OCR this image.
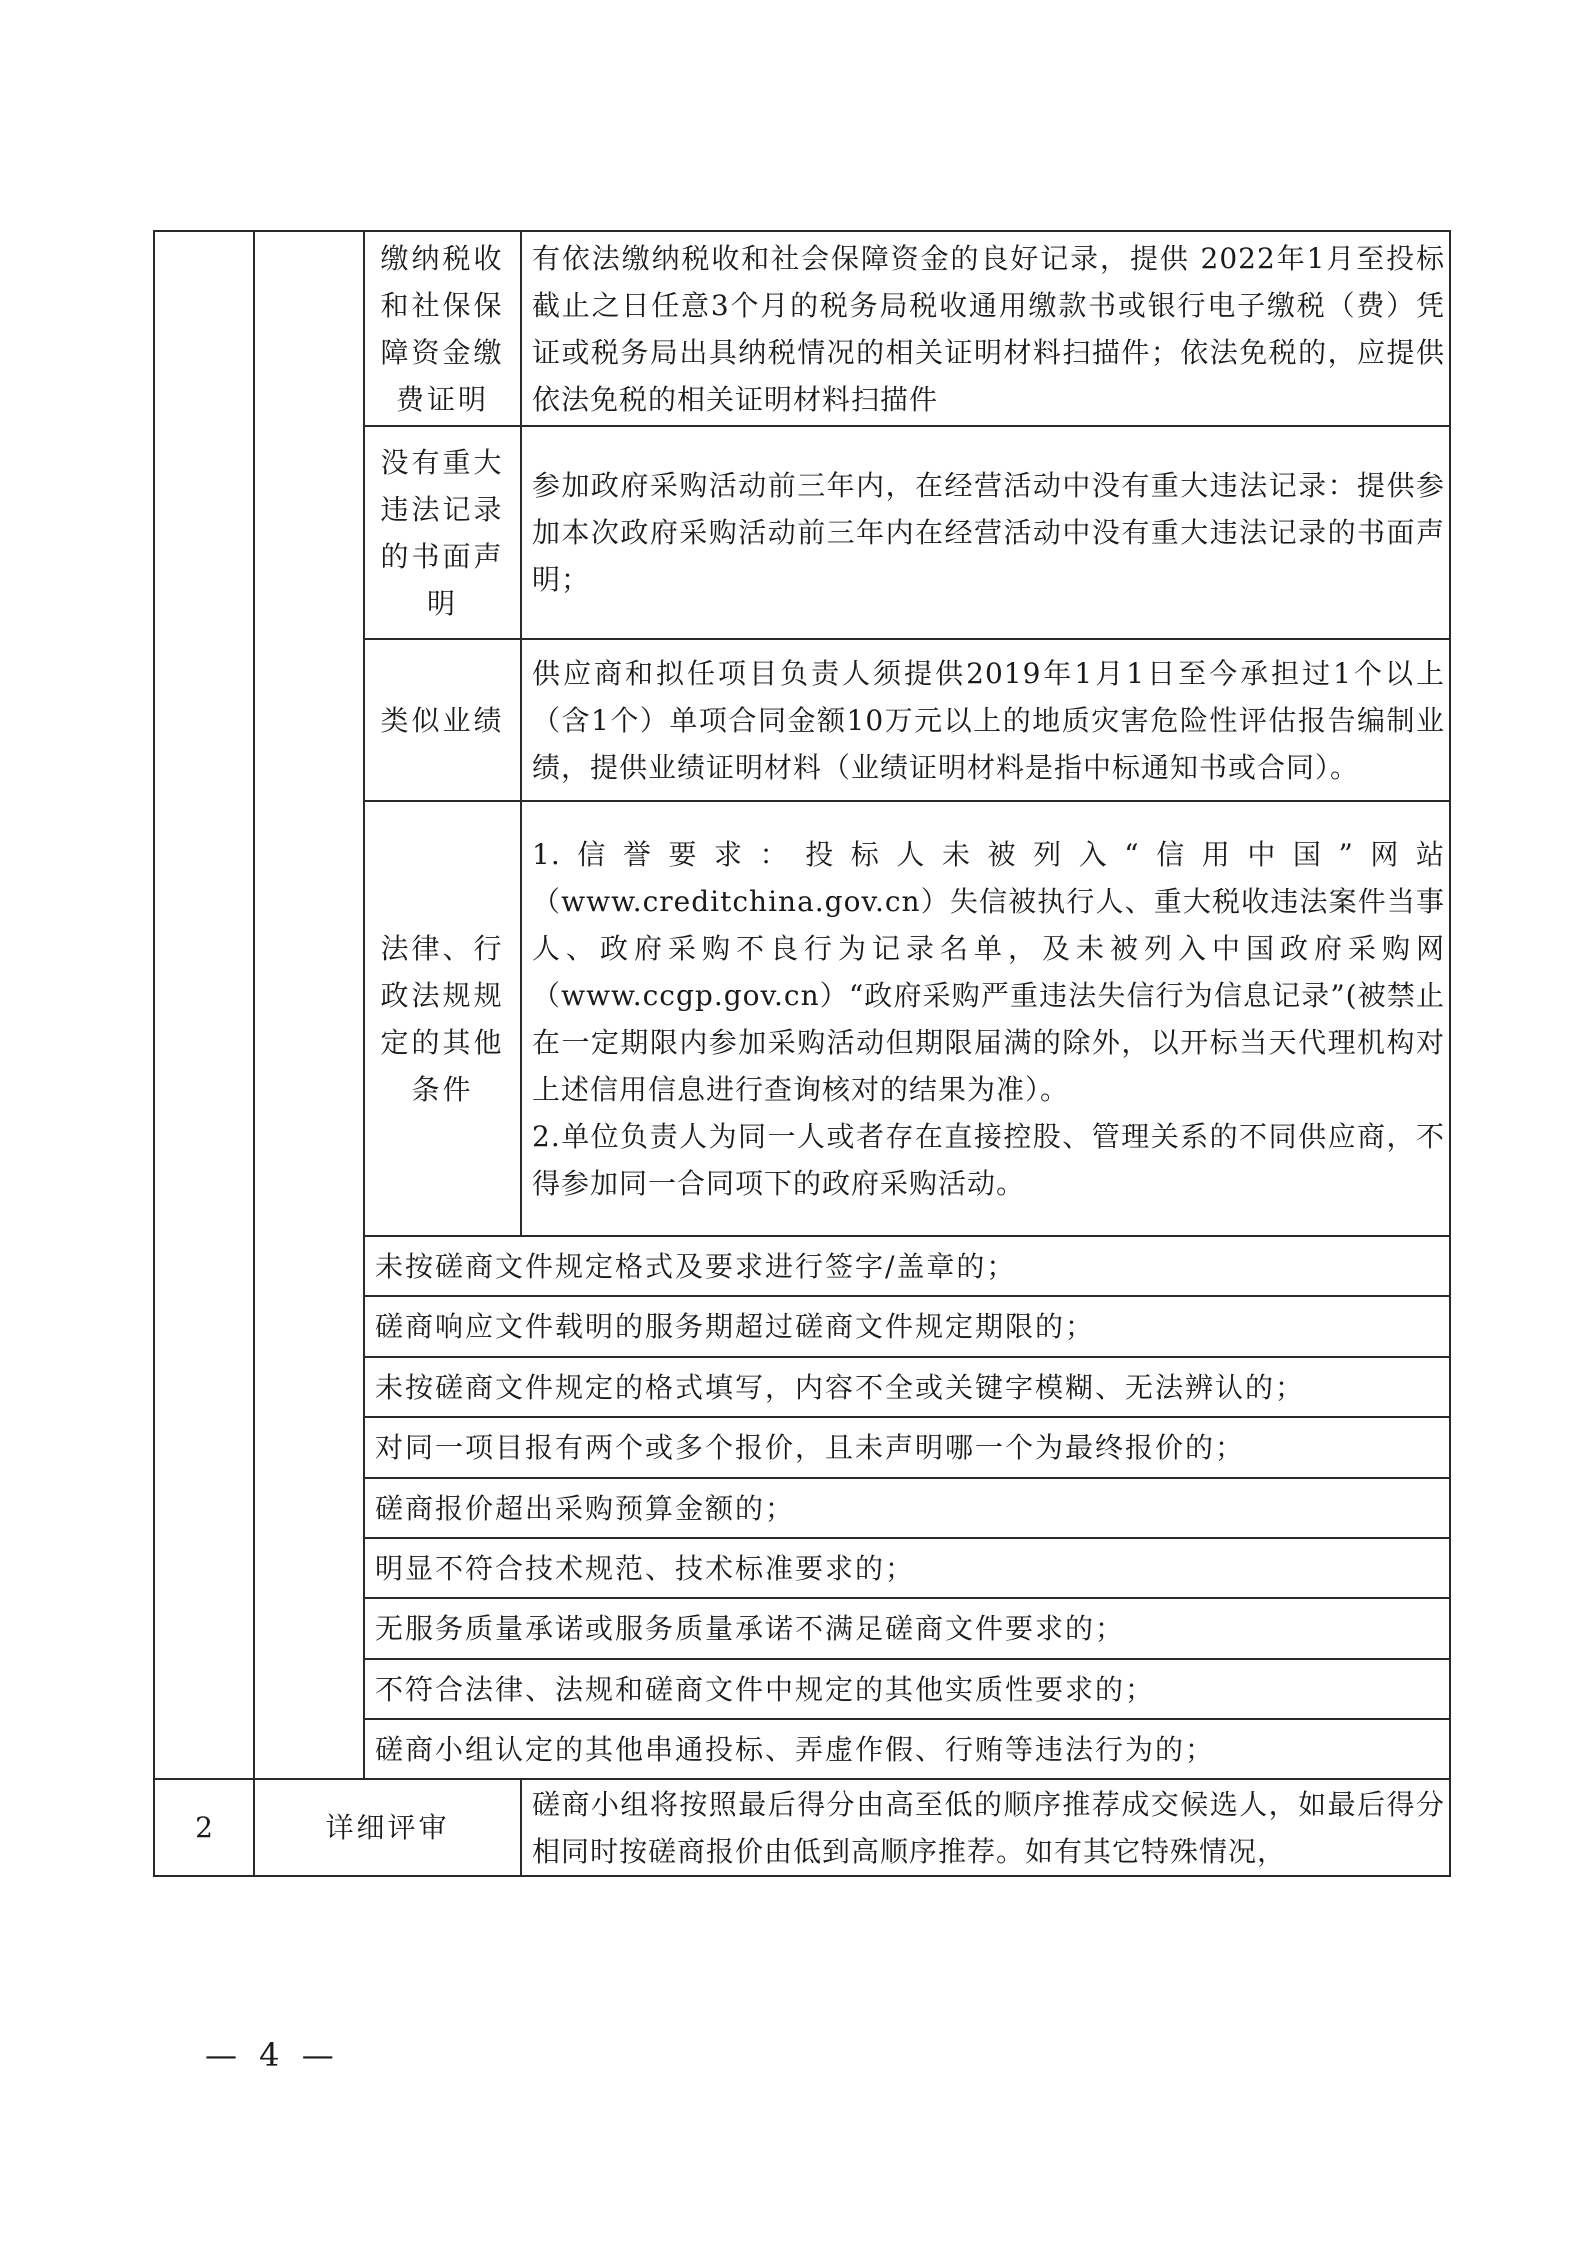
		缴纳税收和社保保障资金缴费证明	有依法缴纳税收和社会保障资金的良好记录，提供 2022年1月至投标截止之日任意3个月的税务局税收通用缴款书或银行电子缴税（费）凭证或税务局出具纳税情况的相关证明材料扫描件；依法免税的，应提供依法免税的相关证明材料扫描件

		没有重大违法记录的书面声明	参加政府采购活动前三年内，在经营活动中没有重大违法记录：提供参加本次政府采购活动前三年内在经营活动中没有重大违法记录的书面声明；

		类似业绩	供应商和拟任项目负责人须提供2019年1月1日至今承担过1个以上（含1个）单项合同金额10万元以上的地质灾害危险性评估报告编制业绩，提供业绩证明材料（业绩证明材料是指中标通知书或合同）。

		法律、行政法规规定的其他条件	1.信誉要求：投标人未被列入“信用中国”网站（www.creditchina.gov.cn）失信被执行人、重大税收违法案件当事人、政府采购不良行为记录名单，及未被列入中国政府采购网（www.ccgp.gov.cn）“政府采购严重违法失信行为信息记录”(被禁止在一定期限内参加采购活动但期限届满的除外，以开标当天代理机构对上述信用信息进行查询核对的结果为准）。

2.单位负责人为同一人或者存在直接控股、管理关系的不同供应商，不得参加同一合同项下的政府采购活动。

		未按磋商文件规定格式及要求进行签字/盖章的；	
		磋商响应文件载明的服务期超过磋商文件规定期限的；	
		未按磋商文件规定的格式填写，内容不全或关键字模糊、无法辨认的；	
		对同一项目报有两个或多个报价，且未声明哪一个为最终报价的；	
		磋商报价超出采购预算金额的；	
		明显不符合技术规范、技术标准要求的；	
		无服务质量承诺或服务质量承诺不满足磋商文件要求的；	
		不符合法律、法规和磋商文件中规定的其他实质性要求的；	
		磋商小组认定的其他串通投标、弄虚作假、行贿等违法行为的；	
2	详细评审		磋商小组将按照最后得分由高至低的顺序推荐成交候选人，如最后得分相同时按磋商报价由低到高顺序推荐。如有其它特殊情况，
— 4 —
